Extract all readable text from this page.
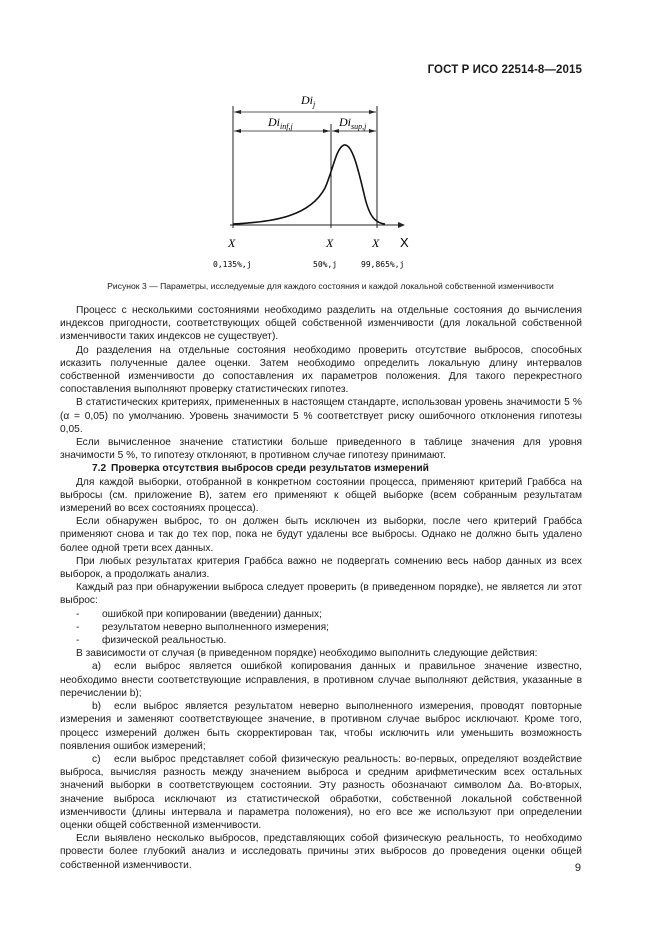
ГОСТ Р ИСО 22514-8—2015
$Di_j$
$Di_{inf,j}$	$Di_{sup,j}$
X
X	X	X
0,135%,j	50%,j	99,865%,j
Рисунок 3 — Параметры, исследуемые для каждого состояния и каждой локальной собственной изменчивости

Процесс с несколькими состояниями необходимо разделить на отдельные состояния до вычисления индексов пригодности, соответствующих общей собственной изменчивости (для локальной собственной изменчивости таких индексов не существует).

До разделения на отдельные состояния необходимо проверить отсутствие выбросов, способных исказить полученные далее оценки. Затем необходимо определить локальную длину интервалов собственной изменчивости до сопоставления их параметров положения. Для такого перекрестного сопоставления выполняют проверку статистических гипотез.

В статистических критериях, примененных в настоящем стандарте, использован уровень значимости 5 % (α = 0,05) по умолчанию. Уровень значимости 5 % соответствует риску ошибочного отклонения гипотезы 0,05.

Если вычисленное значение статистики больше приведенного в таблице значения для уровня значимости 5 %, то гипотезу отклоняют, в противном случае гипотезу принимают.

7.2 Проверка отсутствия выбросов среди результатов измерений

Для каждой выборки, отобранной в конкретном состоянии процесса, применяют критерий Граббса на выбросы (см. приложение В), затем его применяют к общей выборке (всем собранным результатам измерений во всех состояниях процесса).

Если обнаружен выброс, то он должен быть исключен из выборки, после чего критерий Граббса применяют снова и так до тех пор, пока не будут удалены все выбросы. Однако не должно быть удалено более одной трети всех данных.

При любых результатах критерия Граббса важно не подвергать сомнению весь набор данных из всех выборок, а продолжать анализ.

Каждый раз при обнаружении выброса следует проверить (в приведенном порядке), не является ли этот выброс:

- ошибкой при копировании (введении) данных;

- результатом неверно выполненного измерения;

- физической реальностью.

В зависимости от случая (в приведенном порядке) необходимо выполнить следующие действия:

a) если выброс является ошибкой копирования данных и правильное значение известно, необходимо внести соответствующие исправления, в противном случае выполняют действия, указанные в перечислении b);

b) если выброс является результатом неверно выполненного измерения, проводят повторные измерения и заменяют соответствующее значение, в противном случае выброс исключают. Кроме того, процесс измерений должен быть скорректирован так, чтобы исключить или уменьшить возможность появления ошибок измерений;

c) если выброс представляет собой физическую реальность: во-первых, определяют воздействие выброса, вычисляя разность между значением выброса и средним арифметическим всех остальных значений выборки в соответствующем состоянии. Эту разность обозначают символом Δa. Во-вторых, значение выброса исключают из статистической обработки, собственной локальной собственной изменчивости (длины интервала и параметра положения), но его все же используют при определении оценки общей собственной изменчивости.

Если выявлено несколько выбросов, представляющих собой физическую реальность, то необходимо провести более глубокий анализ и исследовать причины этих выбросов до проведения оценки общей собственной изменчивости.	9
